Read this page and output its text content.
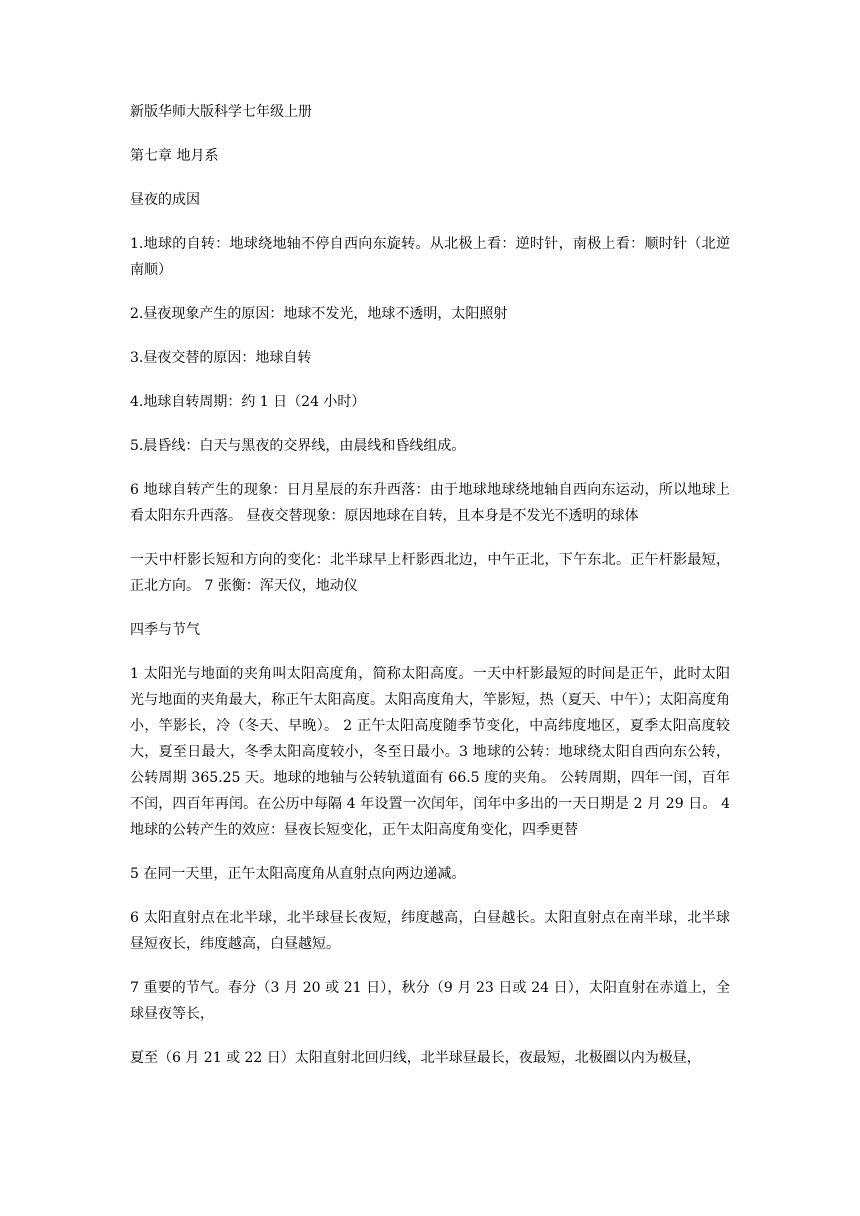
新版华师大版科学七年级上册

第七章 地月系

昼夜的成因

1.地球的自转：地球绕地轴不停自西向东旋转。从北极上看：逆时针，南极上看：顺时针（北逆南顺）

2.昼夜现象产生的原因：地球不发光，地球不透明，太阳照射

3.昼夜交替的原因：地球自转

4.地球自转周期：约 1 日（24 小时）

5.晨昏线：白天与黑夜的交界线，由晨线和昏线组成。

6 地球自转产生的现象：日月星辰的东升西落：由于地球地球绕地轴自西向东运动，所以地球上看太阳东升西落。 昼夜交替现象：原因地球在自转，且本身是不发光不透明的球体

一天中杆影长短和方向的变化：北半球早上杆影西北边，中午正北，下午东北。正午杆影最短，正北方向。 7 张衡：浑天仪，地动仪

四季与节气

1 太阳光与地面的夹角叫太阳高度角，简称太阳高度。一天中杆影最短的时间是正午，此时太阳光与地面的夹角最大，称正午太阳高度。太阳高度角大，竿影短，热（夏天、中午）；太阳高度角小，竿影长，冷（冬天、早晚）。 2 正午太阳高度随季节变化，中高纬度地区，夏季太阳高度较大，夏至日最大，冬季太阳高度较小，冬至日最小。3 地球的公转：地球绕太阳自西向东公转，公转周期 365.25 天。地球的地轴与公转轨道面有 66.5 度的夹角。 公转周期，四年一闰，百年不闰，四百年再闰。在公历中每隔 4 年设置一次闰年，闰年中多出的一天日期是 2 月 29 日。 4 地球的公转产生的效应：昼夜长短变化，正午太阳高度角变化，四季更替

5 在同一天里，正午太阳高度角从直射点向两边递减。

6 太阳直射点在北半球，北半球昼长夜短，纬度越高，白昼越长。太阳直射点在南半球，北半球昼短夜长，纬度越高，白昼越短。

7 重要的节气。春分（3 月 20 或 21 日），秋分（9 月 23 日或 24 日），太阳直射在赤道上，全球昼夜等长，

夏至（6 月 21 或 22 日）太阳直射北回归线，北半球昼最长，夜最短，北极圈以内为极昼，
